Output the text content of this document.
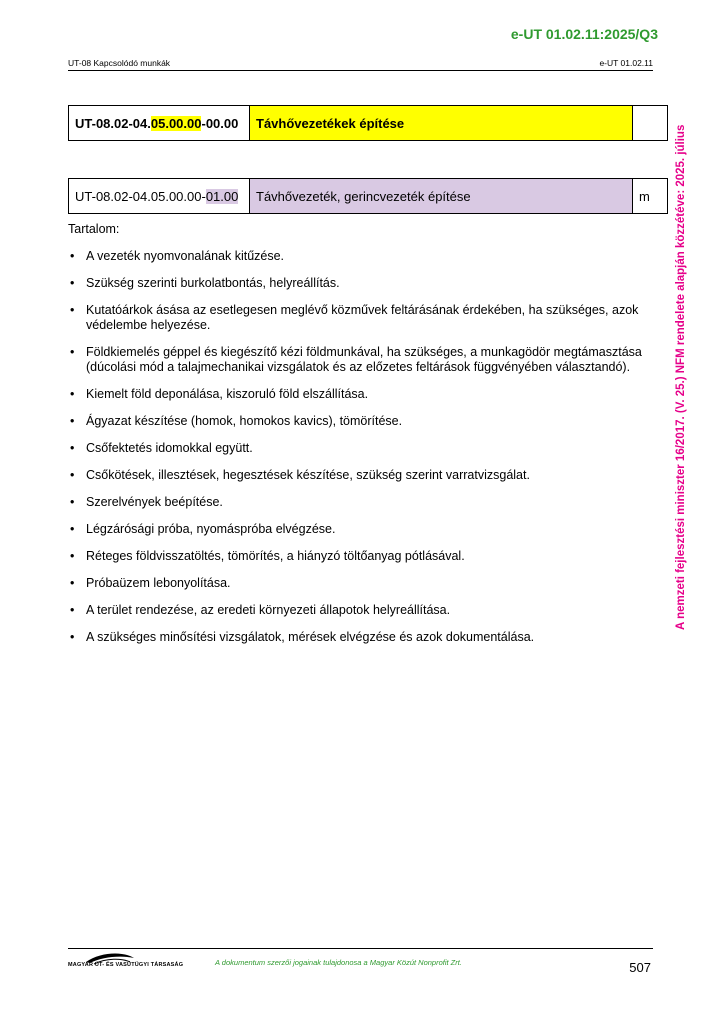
e-UT 01.02.11:2025/Q3
UT-08 Kapcsolódó munkák	e-UT 01.02.11
A nemzeti fejlesztési miniszter 16/2017. (V. 25.) NFM rendelete alapján közzétéve: 2025. július
UT-08.02-04.05.00.00-00.00	Távhővezetékek építése	
UT-08.02-04.05.00.00-01.00	Távhővezeték, gerincvezeték építése	m
Tartalom:
• A vezeték nyomvonalának kitűzése.
• Szükség szerinti burkolatbontás, helyreállítás.
• Kutatóárkok ásása az esetlegesen meglévő közművek feltárásának érdekében, ha szükséges, azok védelembe helyezése.
• Földkiemelés géppel és kiegészítő kézi földmunkával, ha szükséges, a munkagödör megtámasztása (dúcolási mód a talajmechanikai vizsgálatok és az előzetes feltárások függvényében választandó).
• Kiemelt föld deponálása, kiszoruló föld elszállítása.
• Ágyazat készítése (homok, homokos kavics), tömörítése.
• Csőfektetés idomokkal együtt.
• Csőkötések, illesztések, hegesztések készítése, szükség szerint varratvizsgálat.
• Szerelvények beépítése.
• Légzárósági próba, nyomáspróba elvégzése.
• Réteges földvisszatöltés, tömörítés, a hiányzó töltőanyag pótlásával.
• Próbaüzem lebonyolítása.
• A terület rendezése, az eredeti környezeti állapotok helyreállítása.
• A szükséges minősítési vizsgálatok, mérések elvégzése és azok dokumentálása.
MAGYAR ÚT- ÉS VASÚTÜGYI TÁRSASÁG	A dokumentum szerzői jogainak tulajdonosa a Magyar Közút Nonprofit Zrt.	507
